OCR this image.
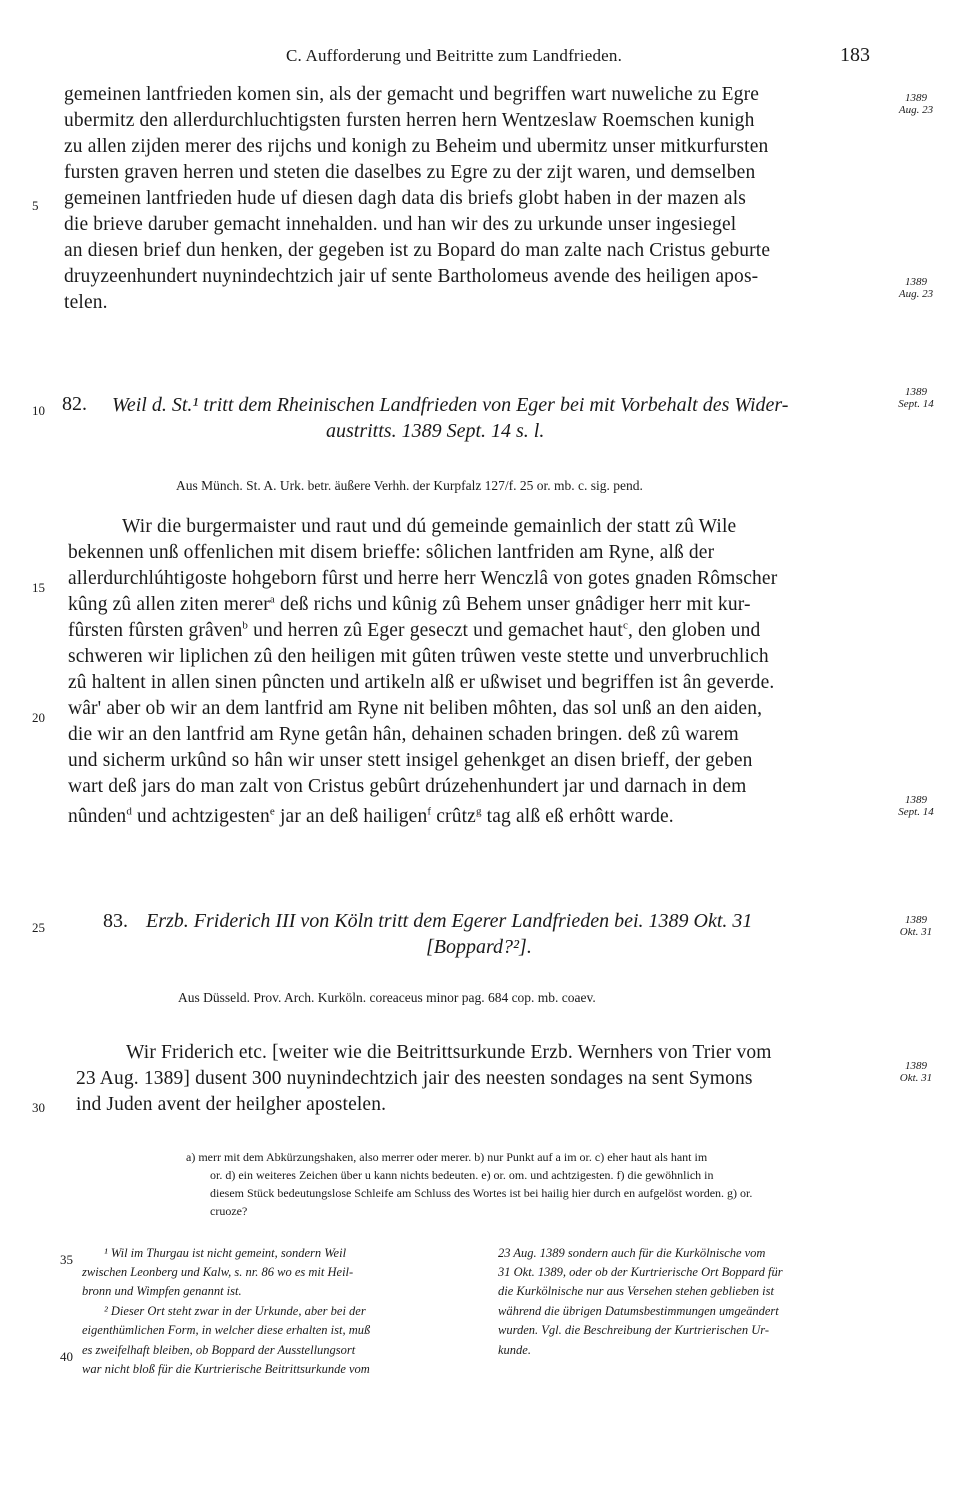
C. Aufforderung und Beitritte zum Landfrieden.	183
gemeinen lantfrieden komen sin, als der gemacht und begriffen wart nuweliche zu Egre
ubermitz den allerdurchluchtigsten fursten herren hern Wentzeslaw Roemschen kunigh
zu allen zijden merer des rijchs und konigh zu Beheim und ubermitz unser mitkurfursten
fursten graven herren und steten die daselbes zu Egre zu der zijt waren, und demselben
gemeinen lantfrieden hude uf diesen dagh data dis briefs globt haben in der mazen als
die brieve daruber gemacht innehalden. und han wir des zu urkunde unser ingesiegel
an diesen brief dun henken, der gegeben ist zu Bopard do man zalte nach Cristus geburte
druyzeenhundert nuynindechtzich jair uf sente Bartholomeus avende des heiligen apos-
telen.
5
1389
Aug. 23
1389
Aug. 23
10 82. Weil d. St.¹ tritt dem Rheinischen Landfrieden von Eger bei mit Vorbehalt des Wider-
austritts. 1389 Sept. 14 s. l.
1389
Sept. 14
Aus Münch. St. A. Urk. betr. äußere Verhh. der Kurpfalz 127/f. 25 or. mb. c. sig. pend.
Wir die burgermaister und raut und dú gemeinde gemainlich der statt zû Wile
bekennen unß offenlichen mit disem brieffe: sôlichen lantfriden am Ryne, alß der
allerdurchlúhtigoste hohgeborn fûrst und herre herr Wenczlâ von gotes gnaden Rômscher
kûng zû allen ziten merer$^a$ deß richs und kûnig zû Behem unser gnâdiger herr mit kur-
fûrsten fûrsten grâven$^b$ und herren zû Eger geseczt und gemachet haut$^c$, den globen und
schweren wir liplichen zû den heiligen mit gûten trûwen veste stette und unverbruchlich
zû haltent in allen sinen pûncten und artikeln alß er ußwiset und begriffen ist ân geverde.
wâr' aber ob wir an dem lantfrid am Ryne nit beliben môhten, das sol unß an den aiden,
die wir an den lantfrid am Ryne getân hân, dehainen schaden bringen. deß zû warem
und sicherm urkûnd so hân wir unser stett insigel gehenkget an disen brieff, der geben
wart deß jars do man zalt von Cristus gebûrt drúzehenhundert jar und darnach in dem
nûnden$^d$ und achtzigesten$^e$ jar an deß hailigen$^f$ crûtz$^g$ tag alß eß erhôtt warde.
15
20
1389
Sept. 14
25	83. Erzb. Friderich III von Köln tritt dem Egerer Landfrieden bei. 1389 Okt. 31
[Boppard?²].
1389
Okt. 31
Aus Düsseld. Prov. Arch. Kurköln. coreaceus minor pag. 684 cop. mb. coaev.
Wir Friderich etc. [weiter wie die Beitrittsurkunde Erzb. Wernhers von Trier vom
23 Aug. 1389] dusent 300 nuynindechtzich jair des neesten sondages na sent Symons
ind Juden avent der heilgher apostelen.
30
1389
Okt. 31
a) merr mit dem Abkürzungshaken, also merrer oder merer. b) nur Punkt auf a im or. c) eher haut als hant im
or. d) ein weiteres Zeichen über u kann nichts bedeuten. e) or. om. und achtzigesten. f) die gewöhnlich in
diesem Stück bedeutungslose Schleife am Schluss des Wortes ist bei hailig hier durch en aufgelöst worden. g) or.
cruoze?
¹ Wil im Thurgau ist nicht gemeint, sondern Weil
zwischen Leonberg und Kalw, s. nr. 86 wo es mit Heil-
bronn und Wimpfen genannt ist.
² Dieser Ort steht zwar in der Urkunde, aber bei der
eigenthümlichen Form, in welcher diese erhalten ist, muß
es zweifelhaft bleiben, ob Boppard der Ausstellungsort
war nicht bloß für die Kurtrierische Beitrittsurkunde vom
35
40
23 Aug. 1389 sondern auch für die Kurkölnische vom
31 Okt. 1389, oder ob der Kurtrierische Ort Boppard für
die Kurkölnische nur aus Versehen stehen geblieben ist
während die übrigen Datumsbestimmungen umgeändert
wurden. Vgl. die Beschreibung der Kurtrierischen Ur-
kunde.
